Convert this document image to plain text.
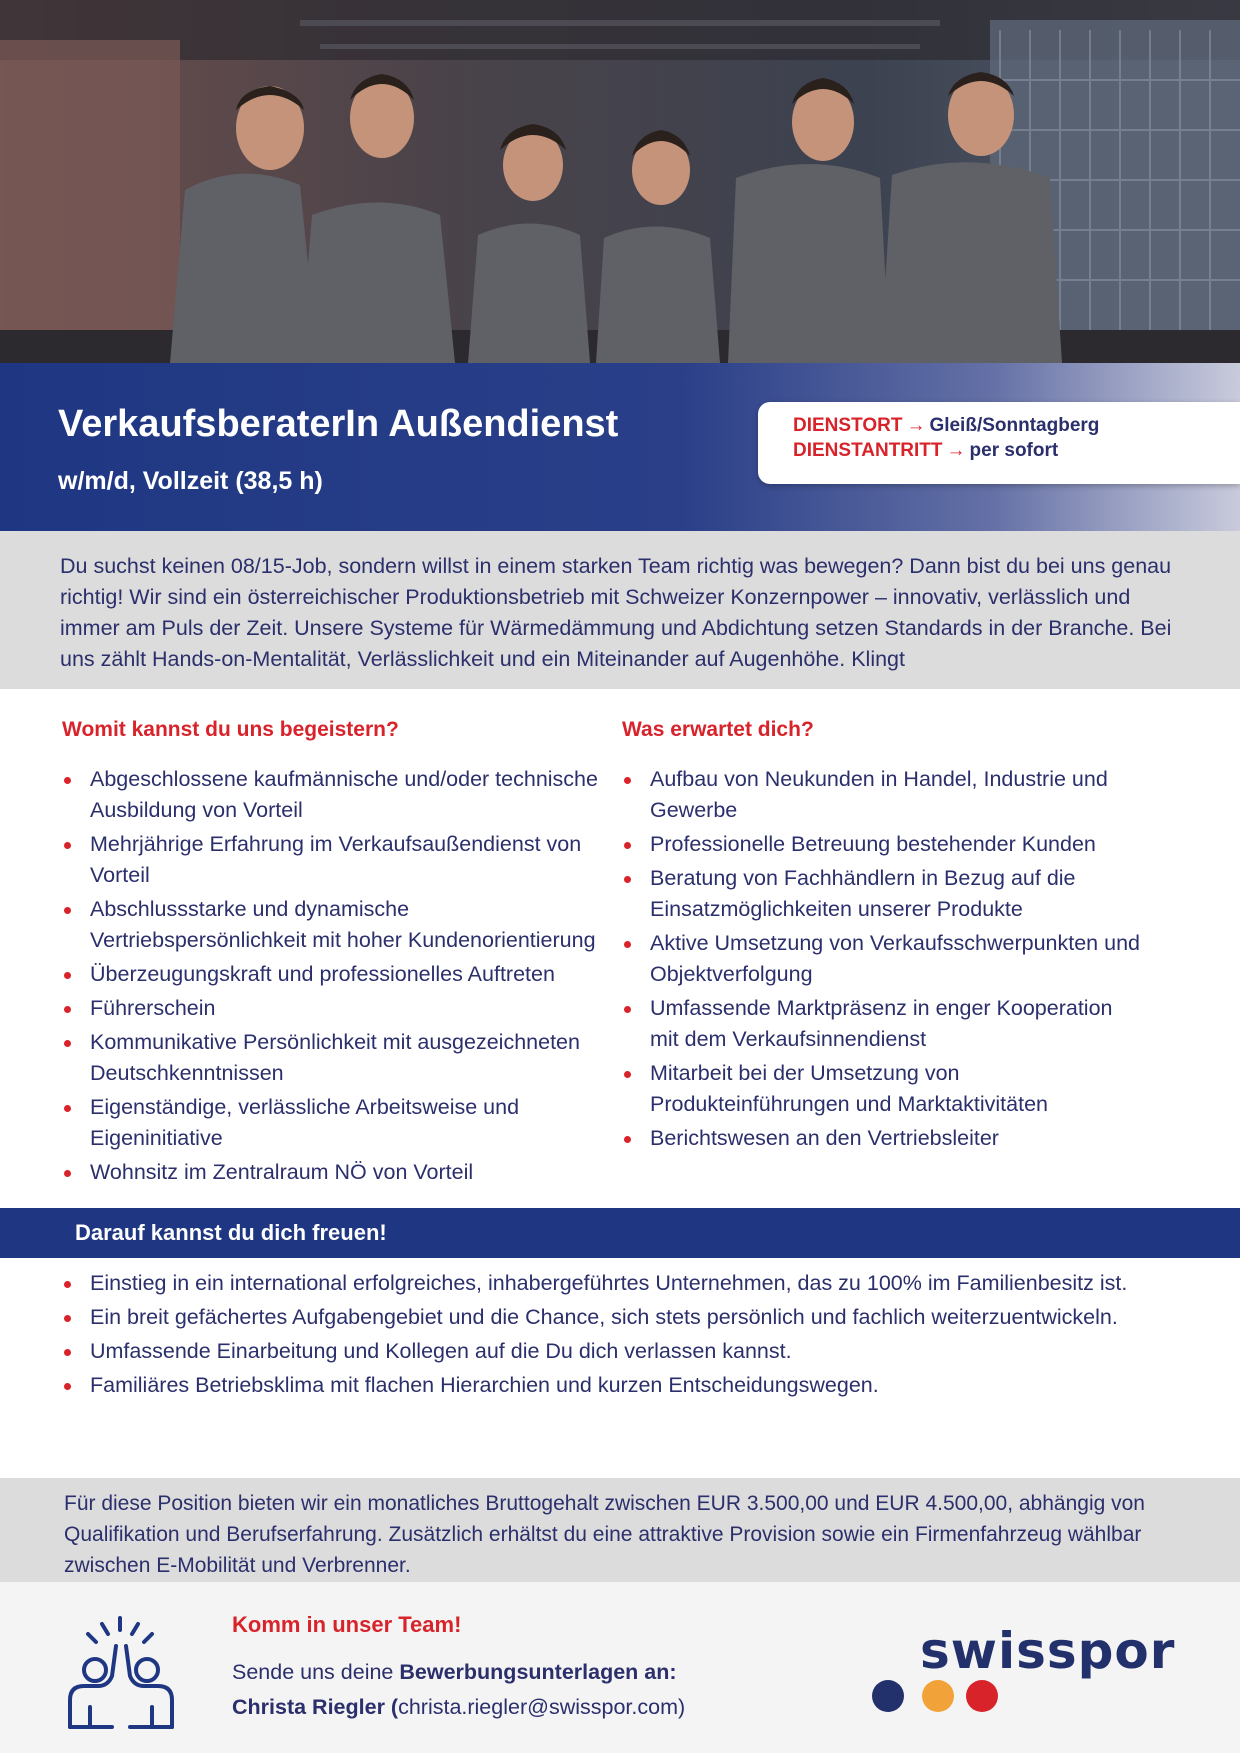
VerkaufsberaterIn Außendienst
w/m/d, Vollzeit (38,5 h)
DIENSTORT → Gleiß/Sonntagberg
DIENSTANTRITT → per sofort

Du suchst keinen 08/15-Job, sondern willst in einem starken Team richtig was bewegen? Dann bist du bei uns genau richtig! Wir sind ein österreichischer Produktionsbetrieb mit Schweizer Konzernpower – innovativ, verlässlich und immer am Puls der Zeit. Unsere Systeme für Wärmedämmung und Abdichtung setzen Standards in der Branche. Bei uns zählt Hands-on-Mentalität, Verlässlichkeit und ein Miteinander auf Augenhöhe. Klingt

Womit kannst du uns begeistern?
Abgeschlossene kaufmännische und/oder technische Ausbildung von Vorteil
Mehrjährige Erfahrung im Verkaufsaußendienst von Vorteil
Abschlussstarke und dynamische Vertriebspersönlichkeit mit hoher Kundenorientierung
Überzeugungskraft und professionelles Auftreten
Führerschein
Kommunikative Persönlichkeit mit ausgezeichneten Deutschkenntnissen
Eigenständige, verlässliche Arbeitsweise und Eigeninitiative
Wohnsitz im Zentralraum NÖ von Vorteil
Was erwartet dich?
Aufbau von Neukunden in Handel, Industrie und Gewerbe
Professionelle Betreuung bestehender Kunden
Beratung von Fachhändlern in Bezug auf die Einsatzmöglichkeiten unserer Produkte
Aktive Umsetzung von Verkaufsschwerpunkten und Objektverfolgung
Umfassende Marktpräsenz in enger Kooperation mit dem Verkaufsinnendienst
Mitarbeit bei der Umsetzung von Produkteinführungen und Marktaktivitäten
Berichtswesen an den Vertriebsleiter
Darauf kannst du dich freuen!
Einstieg in ein international erfolgreiches, inhabergeführtes Unternehmen, das zu 100% im Familienbesitz ist.
Ein breit gefächertes Aufgabengebiet und die Chance, sich stets persönlich und fachlich weiterzuentwickeln.
Umfassende Einarbeitung und Kollegen auf die Du dich verlassen kannst.
Familiäres Betriebsklima mit flachen Hierarchien und kurzen Entscheidungswegen.

Für diese Position bieten wir ein monatliches Bruttogehalt zwischen EUR 3.500,00 und EUR 4.500,00, abhängig von Qualifikation und Berufserfahrung. Zusätzlich erhältst du eine attraktive Provision sowie ein Firmenfahrzeug wählbar zwischen E-Mobilität und Verbrenner.

Komm in unser Team!
Sende uns deine Bewerbungsunterlagen an:
Christa Riegler (christa.riegler@swisspor.com)
swisspor
